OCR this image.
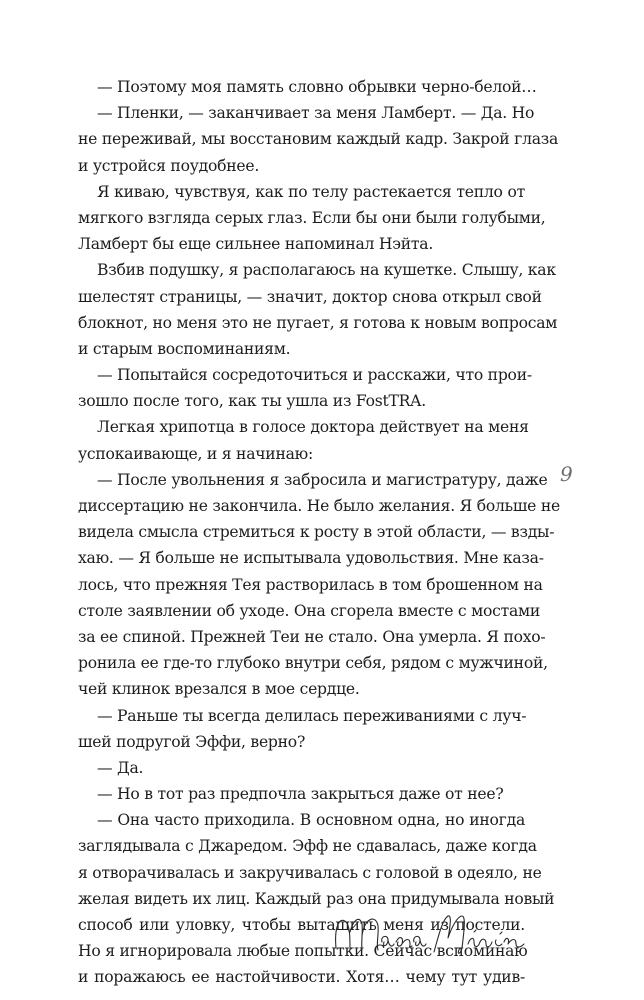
— Поэтому моя память словно обрывки черно-белой…
— Пленки, — заканчивает за меня Ламберт. — Да. Но
не переживай, мы восстановим каждый кадр. Закрой глаза
и устройся поудобнее.
Я киваю, чувствуя, как по телу растекается тепло от
мягкого взгляда серых глаз. Если бы они были голубыми,
Ламберт бы еще сильнее напоминал Нэйта.
Взбив подушку, я располагаюсь на кушетке. Слышу, как
шелестят страницы, — значит, доктор снова открыл свой
блокнот, но меня это не пугает, я готова к новым вопросам
и старым воспоминаниям.
— Попытайся сосредоточиться и расскажи, что прои-
зошло после того, как ты ушла из FostTRA.
Легкая хрипотца в голосе доктора действует на меня
успокаивающе, и я начинаю:
— После увольнения я забросила и магистратуру, даже
диссертацию не закончила. Не было желания. Я больше не
видела смысла стремиться к росту в этой области, — взды-
хаю. — Я больше не испытывала удовольствия. Мне каза-
лось, что прежняя Тея растворилась в том брошенном на
столе заявлении об уходе. Она сгорела вместе с мостами
за ее спиной. Прежней Теи не стало. Она умерла. Я похо-
ронила ее где-то глубоко внутри себя, рядом с мужчиной,
чей клинок врезался в мое сердце.
— Раньше ты всегда делилась переживаниями с луч-
шей подругой Эффи, верно?
— Да.
— Но в тот раз предпочла закрыться даже от нее?
— Она часто приходила. В основном одна, но иногда
заглядывала с Джаредом. Эфф не сдавалась, даже когда
я отворачивалась и закручивалась с головой в одеяло, не
желая видеть их лиц. Каждый раз она придумывала новый
способ или уловку, чтобы вытащить меня из постели.
Но я игнорировала любые попытки. Сейчас вспоминаю
и поражаюсь ее настойчивости. Хотя… чему тут удив-
9
